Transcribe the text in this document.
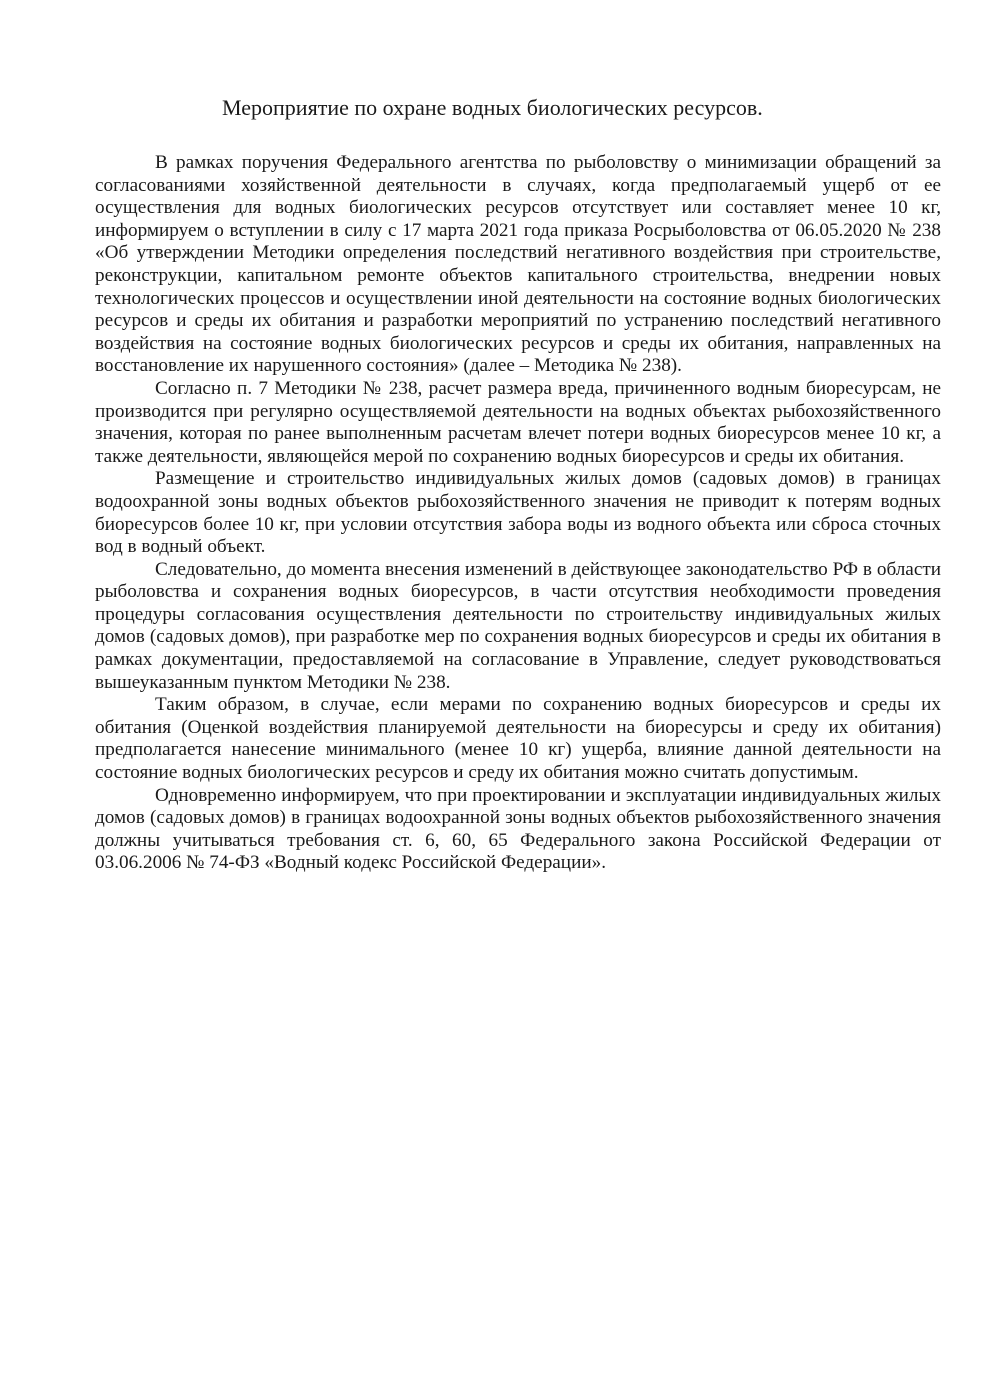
Мероприятие по охране водных биологических ресурсов.

В рамках поручения Федерального агентства по рыболовству о минимизации обращений за согласованиями хозяйственной деятельности в случаях, когда предполагаемый ущерб от ее осуществления для водных биологических ресурсов отсутствует или составляет менее 10 кг, информируем о вступлении в силу с 17 марта 2021 года приказа Росрыболовства от 06.05.2020 № 238 «Об утверждении Методики определения последствий негативного воздействия при строительстве, реконструкции, капитальном ремонте объектов капитального строительства, внедрении новых технологических процессов и осуществлении иной деятельности на состояние водных биологических ресурсов и среды их обитания и разработки мероприятий по устранению последствий негативного воздействия на состояние водных биологических ресурсов и среды их обитания, направленных на восстановление их нарушенного состояния» (далее – Методика № 238).

Согласно п. 7 Методики № 238, расчет размера вреда, причиненного водным биоресурсам, не производится при регулярно осуществляемой деятельности на водных объектах рыбохозяйственного значения, которая по ранее выполненным расчетам влечет потери водных биоресурсов менее 10 кг, а также деятельности, являющейся мерой по сохранению водных биоресурсов и среды их обитания.

Размещение и строительство индивидуальных жилых домов (садовых домов) в границах водоохранной зоны водных объектов рыбохозяйственного значения не приводит к потерям водных биоресурсов более 10 кг, при условии отсутствия забора воды из водного объекта или сброса сточных вод в водный объект.

Следовательно, до момента внесения изменений в действующее законодательство РФ в области рыболовства и сохранения водных биоресурсов, в части отсутствия необходимости проведения процедуры согласования осуществления деятельности по строительству индивидуальных жилых домов (садовых домов), при разработке мер по сохранения водных биоресурсов и среды их обитания в рамках документации, предоставляемой на согласование в Управление, следует руководствоваться вышеуказанным пунктом Методики № 238.

Таким образом, в случае, если мерами по сохранению водных биоресурсов и среды их обитания (Оценкой воздействия планируемой деятельности на биоресурсы и среду их обитания) предполагается нанесение минимального (менее 10 кг) ущерба, влияние данной деятельности на состояние водных биологических ресурсов и среду их обитания можно считать допустимым.

Одновременно информируем, что при проектировании и эксплуатации индивидуальных жилых домов (садовых домов) в границах водоохранной зоны водных объектов рыбохозяйственного значения должны учитываться требования ст. 6, 60, 65 Федерального закона Российской Федерации от 03.06.2006 № 74-ФЗ «Водный кодекс Российской Федерации».
